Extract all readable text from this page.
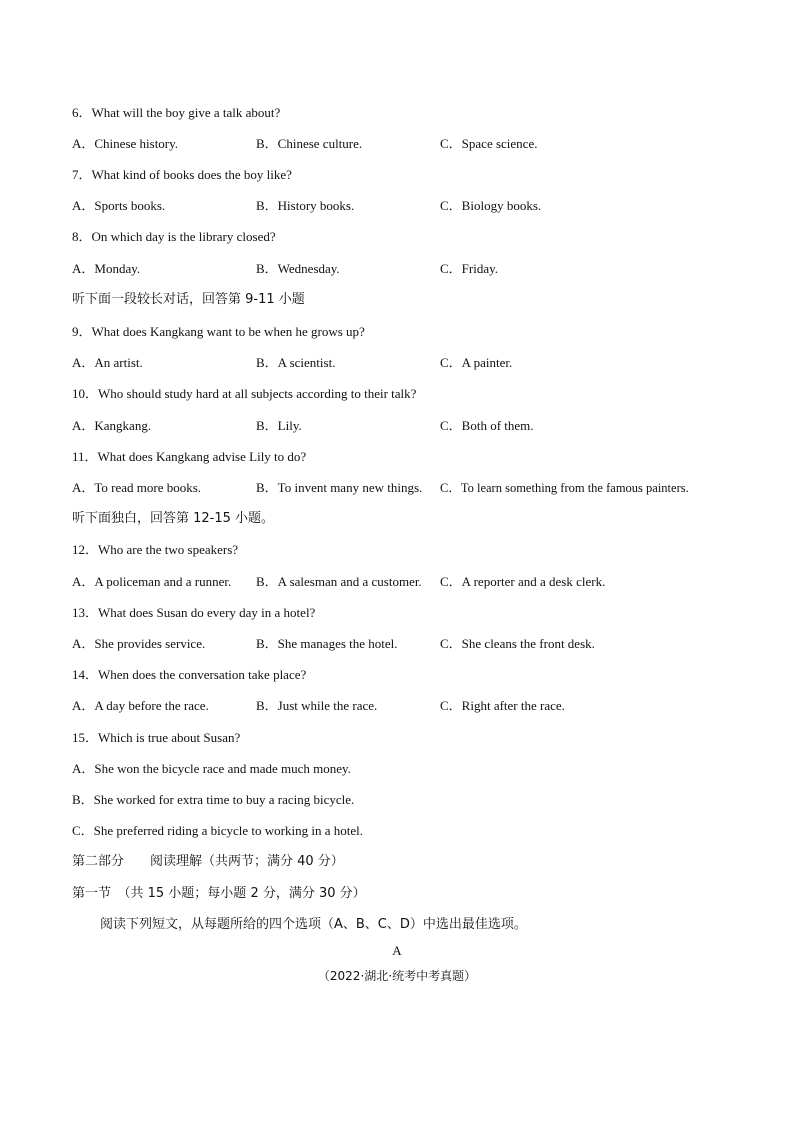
6．What will the boy give a talk about?
A．Chinese history.	B．Chinese culture.	C．Space science.
7．What kind of books does the boy like?
A．Sports books.	B．History books.	C．Biology books.
8．On which day is the library closed?
A．Monday.	B．Wednesday.	C．Friday.
听下面一段较长对话，回答第 9-11 小题
9．What does Kangkang want to be when he grows up?
A．An artist.	B．A scientist.	C．A painter.
10．Who should study hard at all subjects according to their talk?
A．Kangkang.	B．Lily.	C．Both of them.
11．What does Kangkang advise Lily to do?
A．To read more books.	B．To invent many new things. C．To learn something from the famous painters.
听下面独白，回答第 12-15 小题。
12．Who are the two speakers?
A．A policeman and a runner. B．A salesman and a customer. C．A reporter and a desk clerk.
13．What does Susan do every day in a hotel?
A．She provides service.	B．She manages the hotel.	C．She cleans the front desk.
14．When does the conversation take place?
A．A day before the race.	B．Just while the race.	C．Right after the race.
15．Which is true about Susan?
A．She won the bicycle race and made much money.
B．She worked for extra time to buy a racing bicycle.
C．She preferred riding a bicycle to working in a hotel.
第二部分　　阅读理解（共两节；满分 40 分）
第一节　（共 15 小题；每小题 2 分，满分 30 分）
阅读下列短文，从每题所给的四个选项（A、B、C、D）中选出最佳选项。
A
（2022·湖北·统考中考真题）
